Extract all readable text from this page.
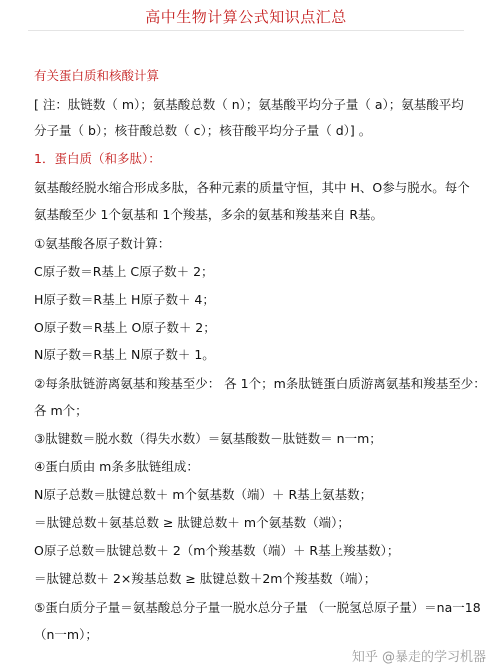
高中生物计算公式知识点汇总
有关蛋白质和核酸计算
[ 注：肽链数（ m）；氨基酸总数（ n）；氨基酸平均分子量（ a）；氨基酸平均
分子量（ b）；核苷酸总数（ c）；核苷酸平均分子量（ d）] 。
1．蛋白质（和多肽）：
氨基酸经脱水缩合形成多肽，各种元素的质量守恒，其中 H、O参与脱水。每个
氨基酸至少 1个氨基和 1个羧基，多余的氨基和羧基来自 R基。
①氨基酸各原子数计算：
C原子数＝R基上 C原子数＋ 2；
H原子数＝R基上 H原子数＋ 4；
O原子数＝R基上 O原子数＋ 2；
N原子数＝R基上 N原子数＋ 1。
②每条肽链游离氨基和羧基至少： 各 1个；m条肽链蛋白质游离氨基和羧基至少：
各 m个；
③肽键数＝脱水数（得失水数）＝氨基酸数－肽链数＝ n一m；
④蛋白质由 m条多肽链组成：
N原子总数＝肽键总数＋ m个氨基数（端）＋ R基上氨基数；
＝肽键总数＋氨基总数 ≥ 肽键总数＋ m个氨基数（端）；
O原子总数＝肽键总数＋ 2（m个羧基数（端）＋ R基上羧基数）；
＝肽键总数＋ 2×羧基总数 ≥ 肽键总数＋2m个羧基数（端）；
⑤蛋白质分子量＝氨基酸总分子量一脱水总分子量 （一脱氢总原子量）＝na一18
（n一m）；
知乎 @暴走的学习机器
